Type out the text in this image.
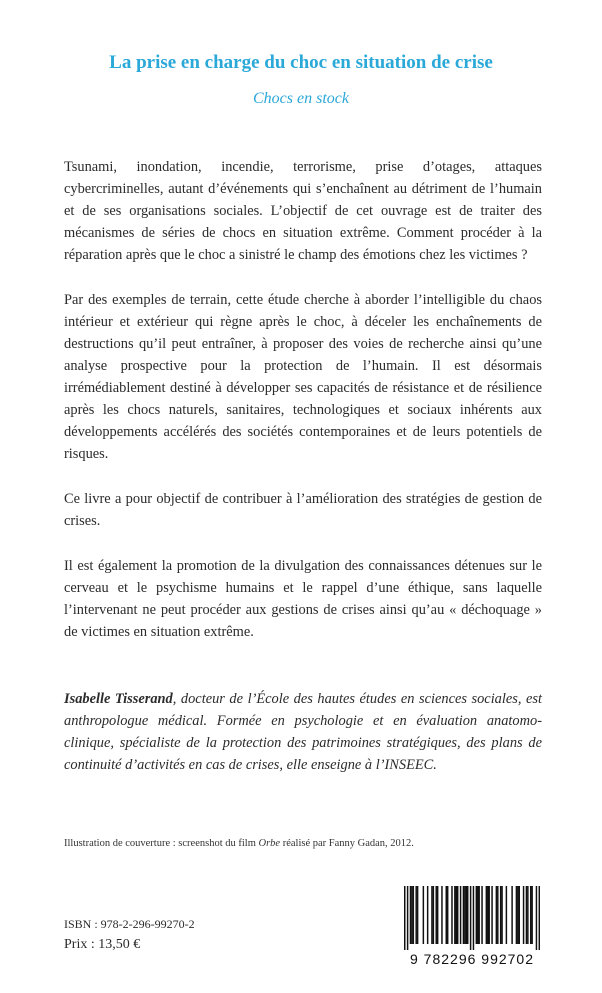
La prise en charge du choc en situation de crise
Chocs en stock

Tsunami, inondation, incendie, terrorisme, prise d’otages, attaques cybercriminelles, autant d’événements qui s’enchaînent au détriment de l’humain et de ses organisations sociales. L’objectif de cet ouvrage est de traiter des mécanismes de séries de chocs en situation extrême. Comment procéder à la réparation après que le choc a sinistré le champ des émotions chez les victimes ?

Par des exemples de terrain, cette étude cherche à aborder l’intelligible du chaos intérieur et extérieur qui règne après le choc, à déceler les enchaînements de destructions qu’il peut entraîner, à proposer des voies de recherche ainsi qu’une analyse prospective pour la protection de l’humain. Il est désormais irrémédiablement destiné à développer ses capacités de résistance et de résilience après les chocs naturels, sanitaires, technologiques et sociaux inhérents aux développements accélérés des sociétés contemporaines et de leurs potentiels de risques.

Ce livre a pour objectif de contribuer à l’amélioration des stratégies de gestion de crises.

Il est également la promotion de la divulgation des connaissances détenues sur le cerveau et le psychisme humains et le rappel d’une éthique, sans laquelle l’intervenant ne peut procéder aux gestions de crises ainsi qu’au « déchoquage » de victimes en situation extrême.

Isabelle Tisserand, docteur de l’École des hautes études en sciences sociales, est anthropologue médical. Formée en psychologie et en évaluation anatomo-clinique, spécialiste de la protection des patrimoines stratégiques, des plans de continuité d’activités en cas de crises, elle enseigne à l’INSEEC.
Illustration de couverture : screenshot du film Orbe réalisé par Fanny Gadan, 2012.
ISBN : 978-2-296-99270-2
Prix : 13,50 €
9 782296 992702
